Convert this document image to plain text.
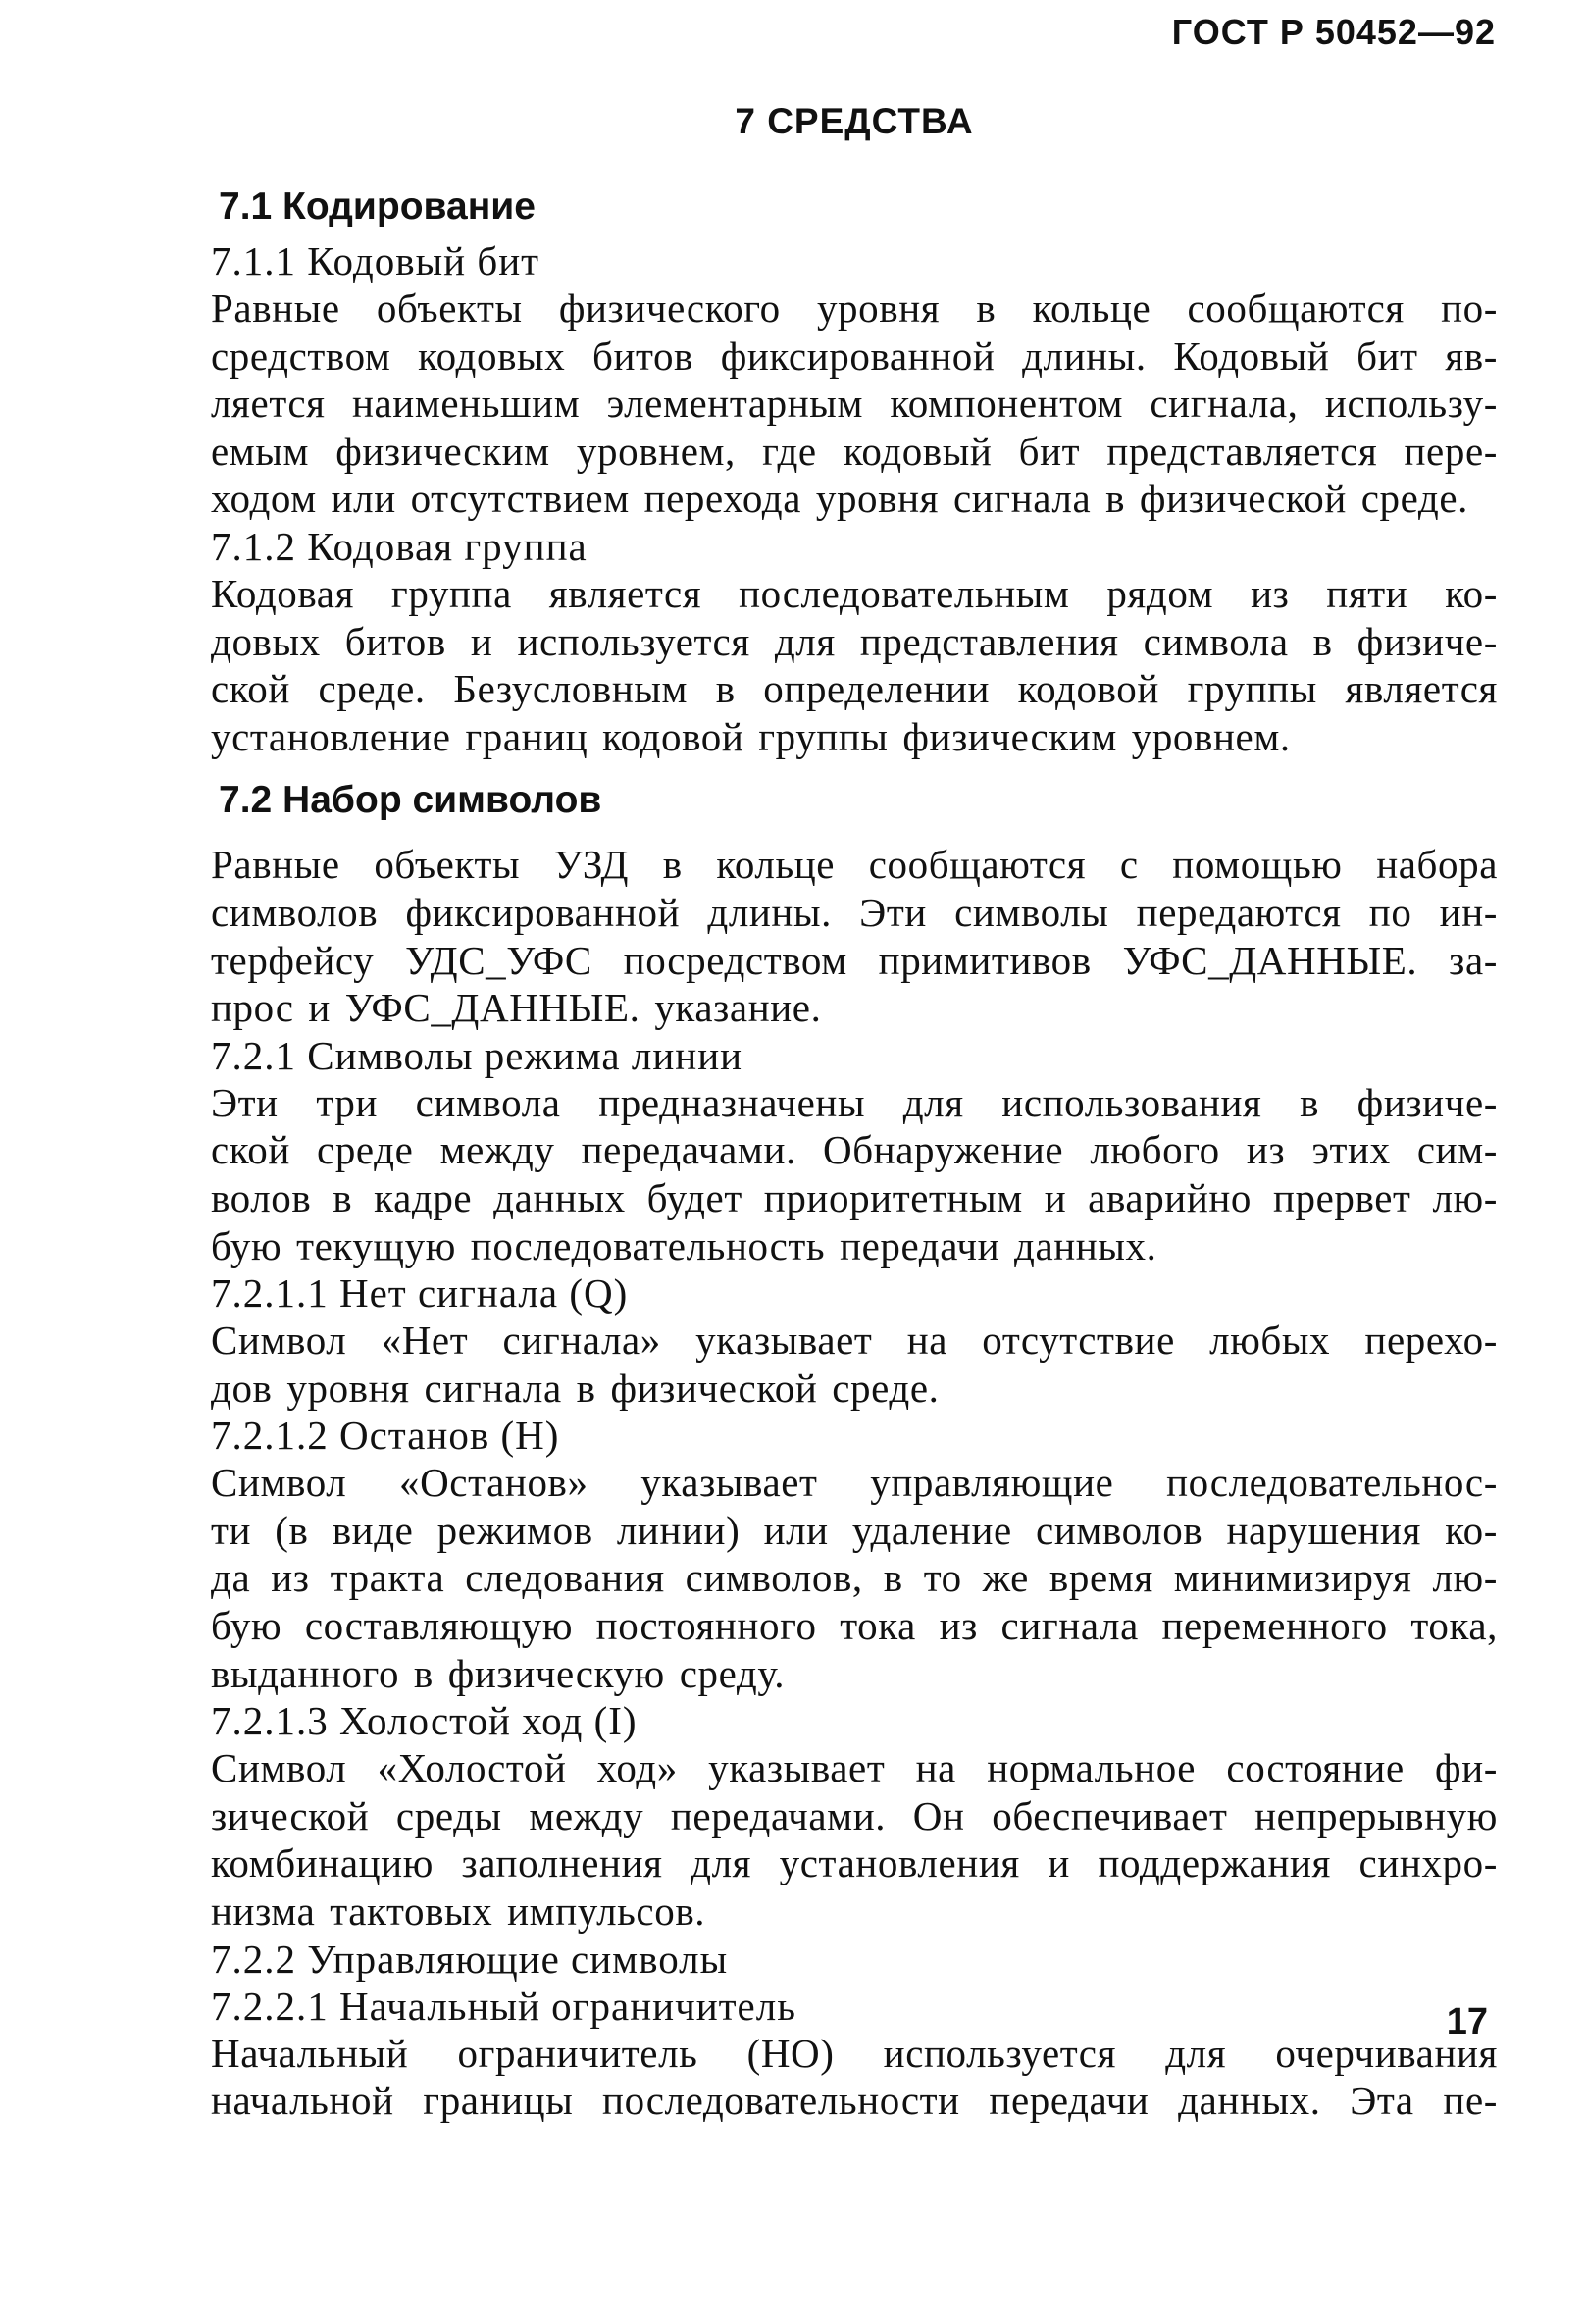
ГОСТ Р 50452—92
7 СРЕДСТВА
7.1 Кодирование
7.1.1 Кодовый бит
Равные объекты физического уровня в кольце сообщаются по-
средством кодовых битов фиксированной длины. Кодовый бит яв-
ляется наименьшим элементарным компонентом сигнала, использу-
емым физическим уровнем, где кодовый бит представляется пере-
ходом или отсутствием перехода уровня сигнала в физической среде.
7.1.2 Кодовая группа
Кодовая группа является последовательным рядом из пяти ко-
довых битов и используется для представления символа в физиче-
ской среде. Безусловным в определении кодовой группы является
установление границ кодовой группы физическим уровнем.
7.2 Набор символов
Равные объекты УЗД в кольце сообщаются с помощью набора
символов фиксированной длины. Эти символы передаются по ин-
терфейсу УДС_УФС посредством примитивов УФС_ДАННЫЕ. за-
прос и УФС_ДАННЫЕ. указание.
7.2.1 Символы режима линии
Эти три символа предназначены для использования в физиче-
ской среде между передачами. Обнаружение любого из этих сим-
волов в кадре данных будет приоритетным и аварийно прервет лю-
бую текущую последовательность передачи данных.
7.2.1.1 Нет сигнала (Q)
Символ «Нет сигнала» указывает на отсутствие любых перехо-
дов уровня сигнала в физической среде.
7.2.1.2 Останов (H)
Символ «Останов» указывает управляющие последовательнос-
ти (в виде режимов линии) или удаление символов нарушения ко-
да из тракта следования символов, в то же время минимизируя лю-
бую составляющую постоянного тока из сигнала переменного тока,
выданного в физическую среду.
7.2.1.3 Холостой ход (I)
Символ «Холостой ход» указывает на нормальное состояние фи-
зической среды между передачами. Он обеспечивает непрерывную
комбинацию заполнения для установления и поддержания синхро-
низма тактовых импульсов.
7.2.2 Управляющие символы
7.2.2.1 Начальный ограничитель
Начальный ограничитель (НО) используется для очерчивания
начальной границы последовательности передачи данных. Эта пе-
17
